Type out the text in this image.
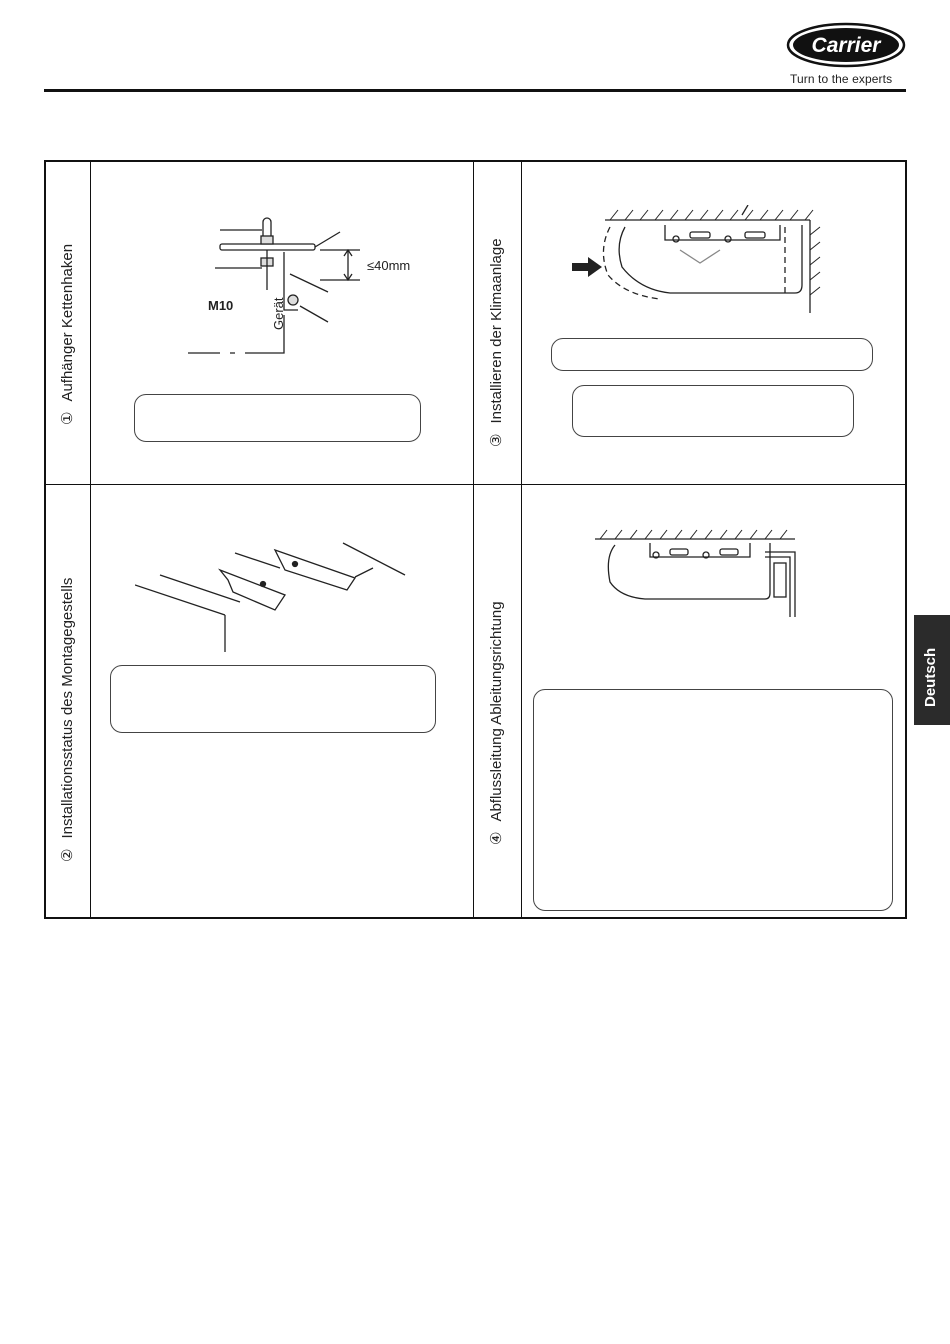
Carrier
Turn to the experts
①Aufhänger Kettenhaken
②Installationsstatus des Montagegestells
③Installieren der Klimaanlage
④Abflussleitung Ableitungsrichtung
M10
≤40mm
Gerät
Deutsch
